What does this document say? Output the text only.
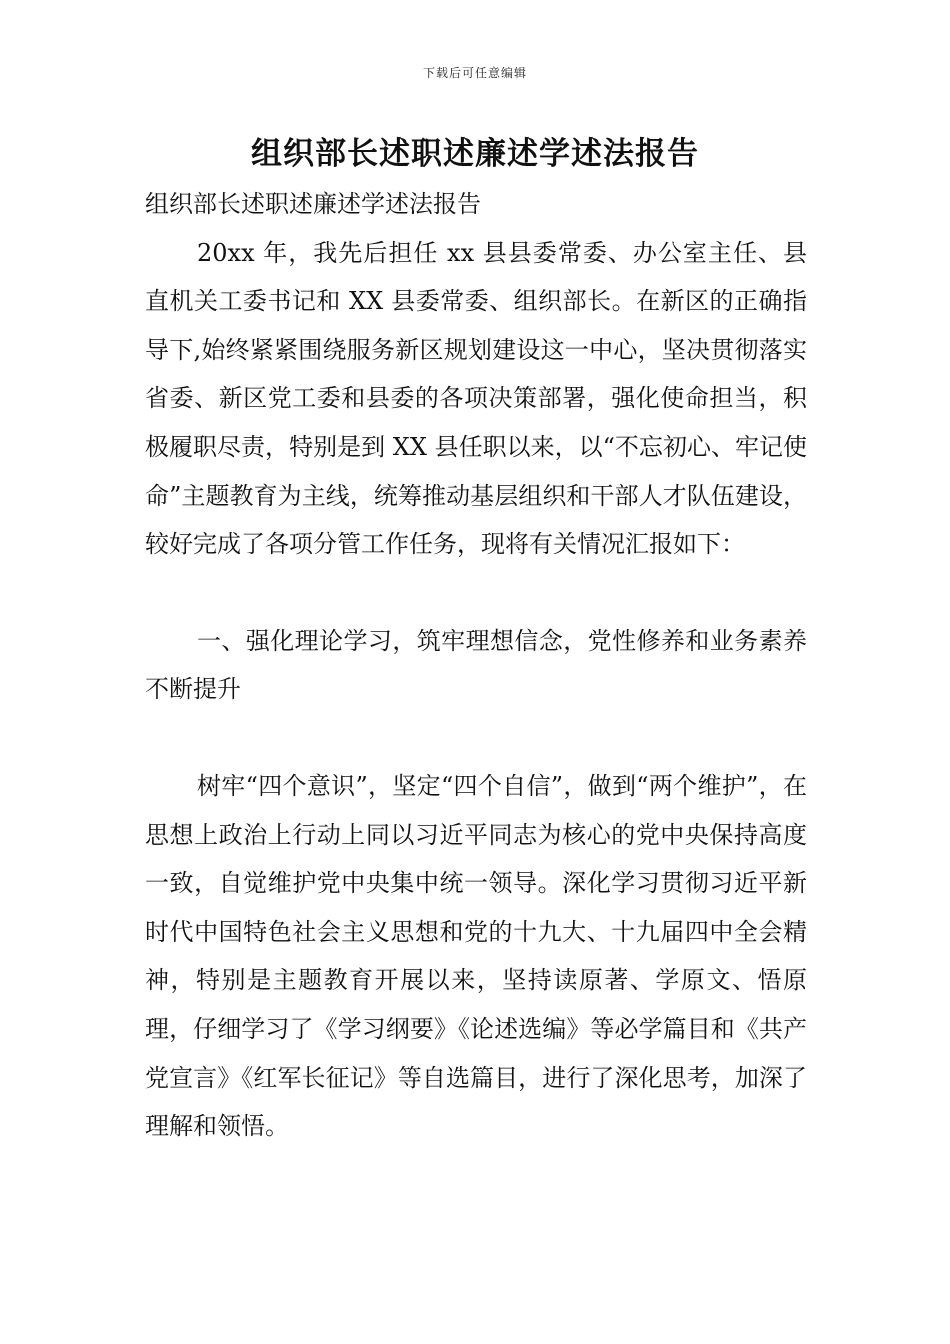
下载后可任意编辑
组织部长述职述廉述学述法报告

组织部长述职述廉述学述法报告

20xx 年，我先后担任 xx 县县委常委、办公室主任、县直机关工委书记和 XX 县委常委、组织部长。在新区的正确指导下,始终紧紧围绕服务新区规划建设这一中心，坚决贯彻落实省委、新区党工委和县委的各项决策部署，强化使命担当，积极履职尽责，特别是到 XX 县任职以来，以“不忘初心、牢记使命”主题教育为主线，统筹推动基层组织和干部人才队伍建设，较好完成了各项分管工作任务，现将有关情况汇报如下：

一、强化理论学习，筑牢理想信念，党性修养和业务素养不断提升

树牢“四个意识”，坚定“四个自信”，做到“两个维护”，在思想上政治上行动上同以习近平同志为核心的党中央保持高度一致，自觉维护党中央集中统一领导。深化学习贯彻习近平新时代中国特色社会主义思想和党的十九大、十九届四中全会精神，特别是主题教育开展以来，坚持读原著、学原文、悟原理，仔细学习了《学习纲要》《论述选编》等必学篇目和《共产党宣言》《红军长征记》等自选篇目，进行了深化思考，加深了理解和领悟。
